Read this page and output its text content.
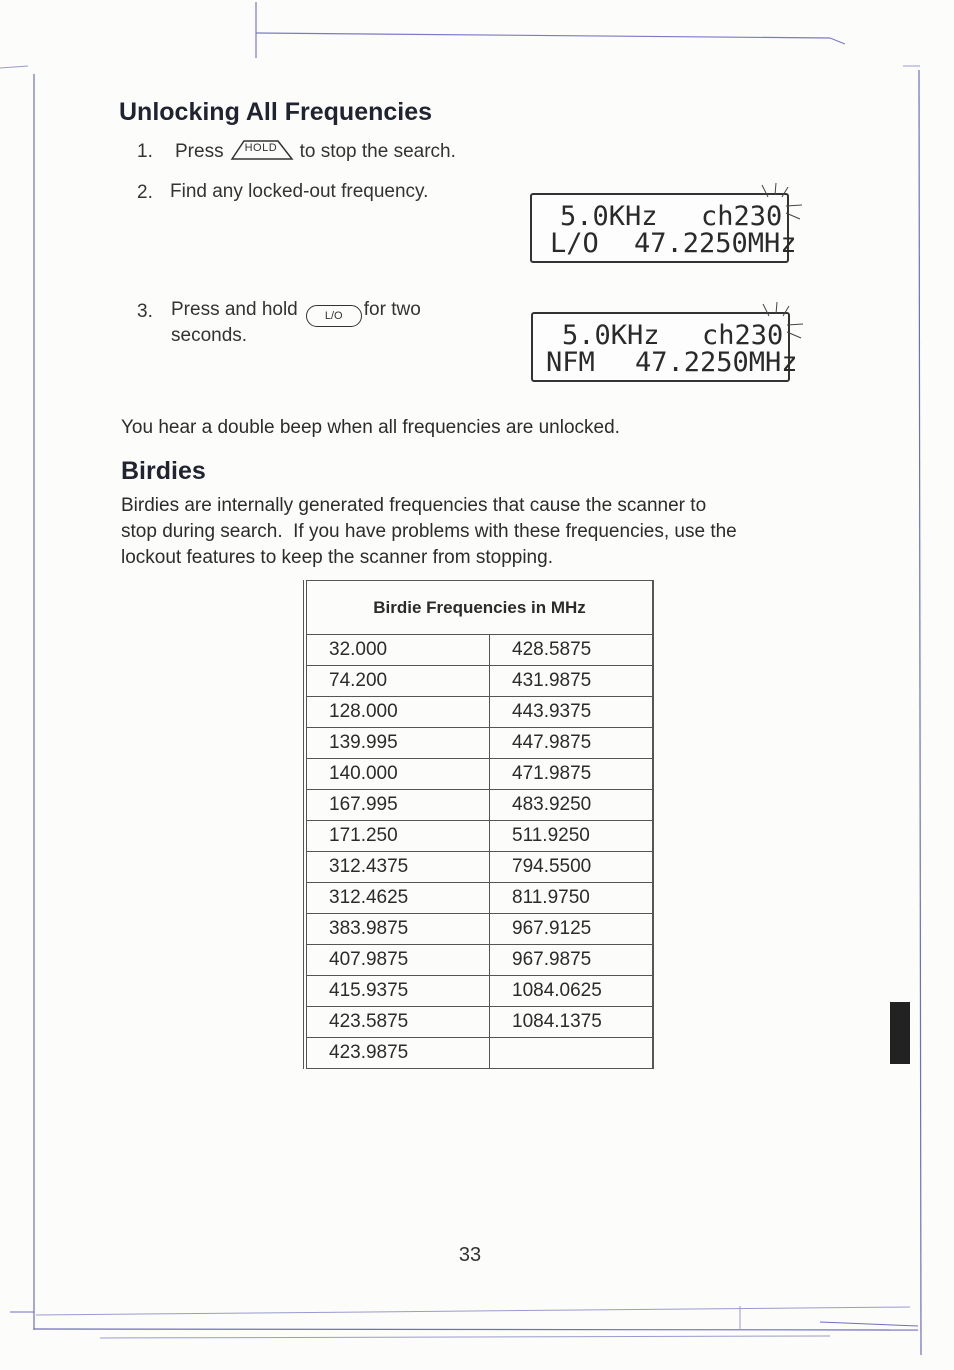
Unlocking All Frequencies
1. Press HOLD to stop the search.
2. Find any locked-out frequency.
5.0KHz ch230
L/O 47.2250MHz
3. Press and hold L/O for two
seconds.	5.0KHz ch230
NFM 47.2250MHz
You hear a double beep when all frequencies are unlocked.
Birdies
Birdies are internally generated frequencies that cause the scanner to
stop during search.  If you have problems with these frequencies, use the
lockout features to keep the scanner from stopping.
Birdie Frequencies in MHz	
32.000	428.5875
74.200	431.9875
128.000	443.9375
139.995	447.9875
140.000	471.9875
167.995	483.9250
171.250	511.9250
312.4375	794.5500
312.4625	811.9750
383.9875	967.9125
407.9875	967.9875
415.9375	1084.0625
423.5875	1084.1375
423.9875	
33
